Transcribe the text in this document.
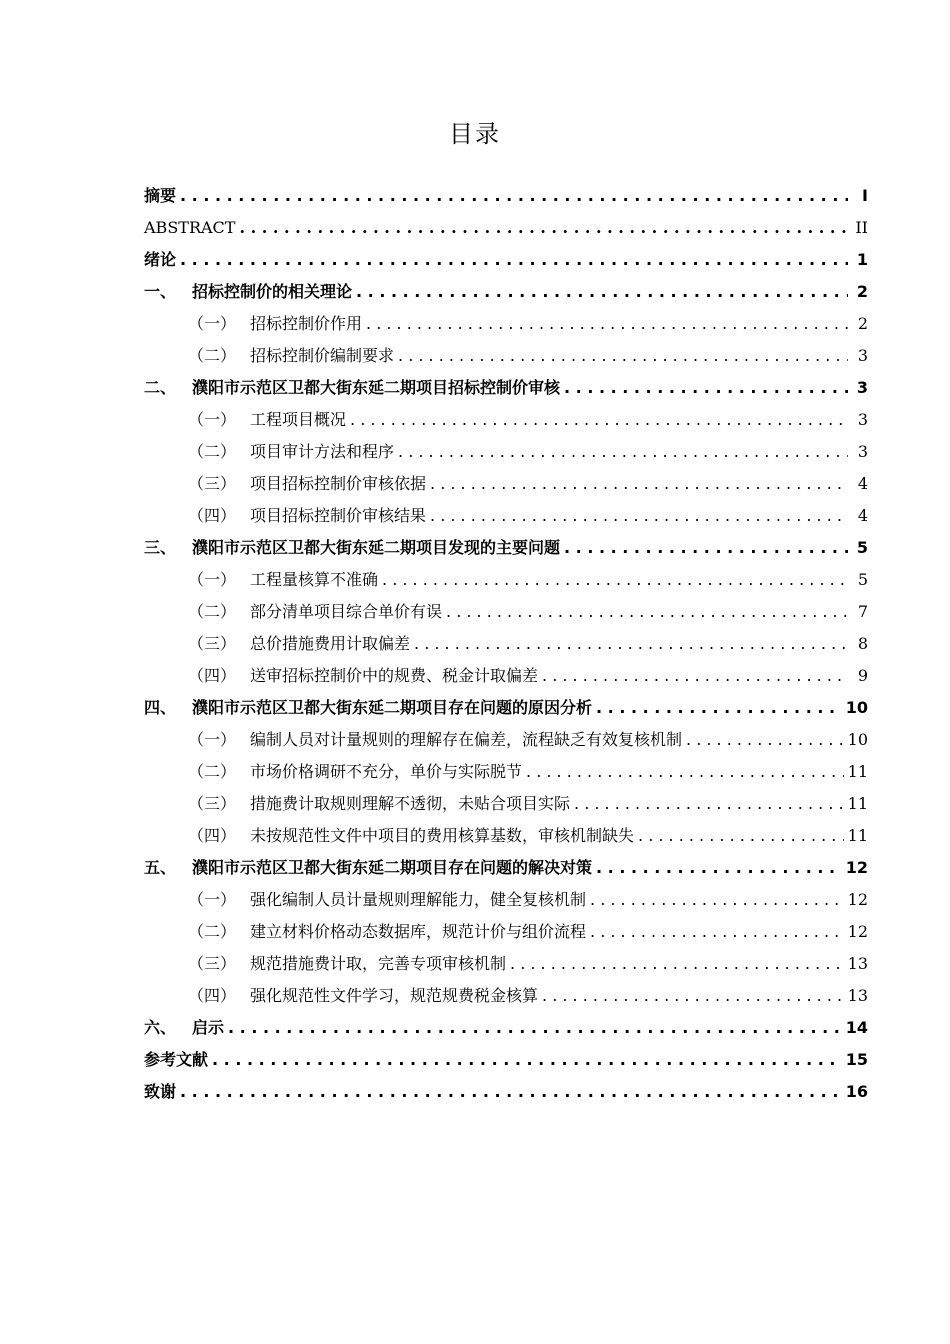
目录
摘要 . . .	I
ABSTRACT . . .	II
绪论 . . .	1
一、 招标控制价的相关理论 . . .	2
（一） 招标控制价作用 . . .	2
（二） 招标控制价编制要求 . . .	3
二、 濮阳市示范区卫都大街东延二期项目招标控制价审核 . . .	3
（一） 工程项目概况 . . .	3
（二） 项目审计方法和程序 . . .	3
（三） 项目招标控制价审核依据 . . .	4
（四） 项目招标控制价审核结果 . . .	4
三、 濮阳市示范区卫都大街东延二期项目发现的主要问题 . . .	5
（一） 工程量核算不准确 . . .	5
（二） 部分清单项目综合单价有误 . . .	7
（三） 总价措施费用计取偏差 . . .	8
（四） 送审招标控制价中的规费、税金计取偏差 . . .	9
四、 濮阳市示范区卫都大街东延二期项目存在问题的原因分析 . . .	10
（一） 编制人员对计量规则的理解存在偏差，流程缺乏有效复核机制 . . .	10
（二） 市场价格调研不充分，单价与实际脱节 . . .	11
（三） 措施费计取规则理解不透彻，未贴合项目实际 . . .	11
（四） 未按规范性文件中项目的费用核算基数，审核机制缺失 . . .	11
五、 濮阳市示范区卫都大街东延二期项目存在问题的解决对策 . . .	12
（一） 强化编制人员计量规则理解能力，健全复核机制 . . .	12
（二） 建立材料价格动态数据库，规范计价与组价流程 . . .	12
（三） 规范措施费计取，完善专项审核机制 . . .	13
（四） 强化规范性文件学习，规范规费税金核算 . . .	13
六、 启示 . . .	14
参考文献 . . .	15
致谢 . . .	16
